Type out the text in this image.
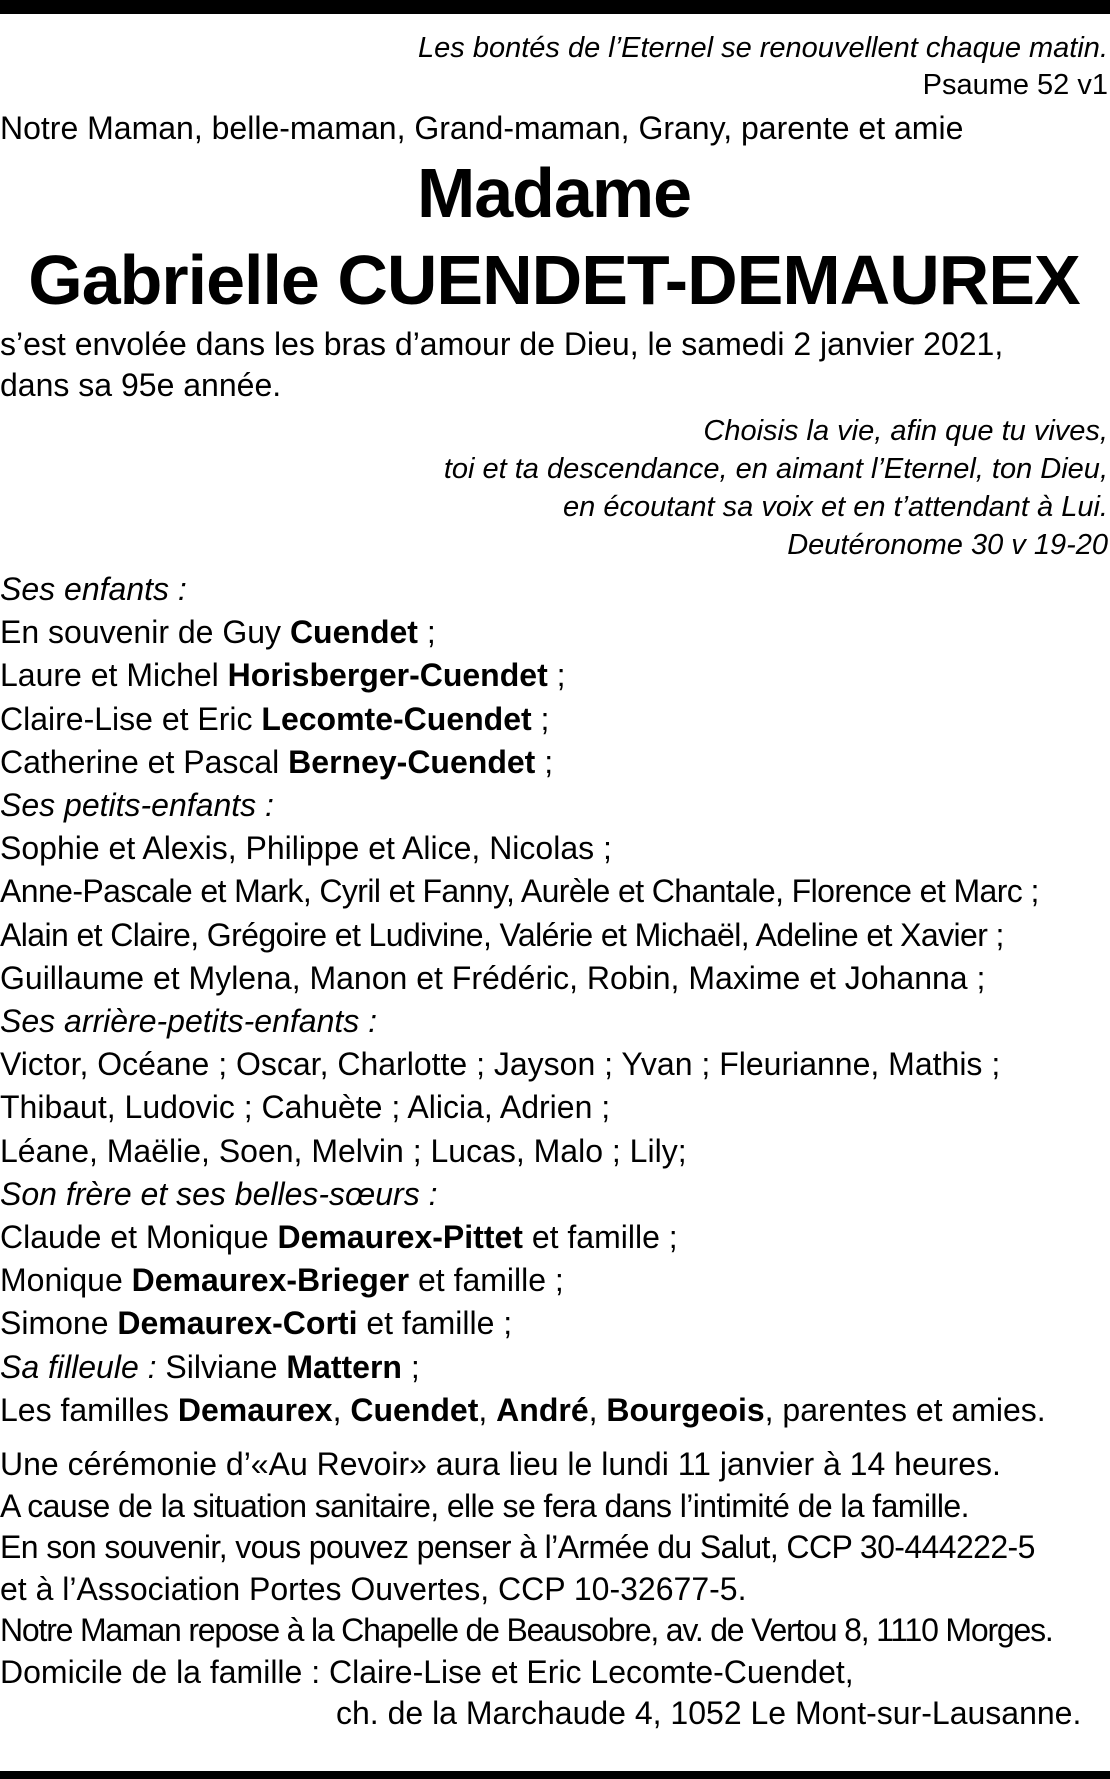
Les bontés de l’Eternel se renouvellent chaque matin.
Psaume 52 v1
Notre Maman, belle-maman, Grand-maman, Grany, parente et amie
Madame
Gabrielle CUENDET-DEMAUREX
s’est envolée dans les bras d’amour de Dieu, le samedi 2 janvier 2021,
dans sa 95e année.
Choisis la vie, afin que tu vives,
toi et ta descendance, en aimant l’Eternel, ton Dieu,
en écoutant sa voix et en t’attendant à Lui.
Deutéronome 30 v 19-20
Ses enfants :
En souvenir de Guy Cuendet ;
Laure et Michel Horisberger-Cuendet ;
Claire-Lise et Eric Lecomte-Cuendet ;
Catherine et Pascal Berney-Cuendet ;
Ses petits-enfants :
Sophie et Alexis, Philippe et Alice, Nicolas ;
Anne-Pascale et Mark, Cyril et Fanny, Aurèle et Chantale, Florence et Marc ;
Alain et Claire, Grégoire et Ludivine, Valérie et Michaël, Adeline et Xavier ;
Guillaume et Mylena, Manon et Frédéric, Robin, Maxime et Johanna ;
Ses arrière-petits-enfants :
Victor, Océane ; Oscar, Charlotte ; Jayson ; Yvan ; Fleurianne, Mathis ;
Thibaut, Ludovic ; Cahuète ; Alicia, Adrien ;
Léane, Maëlie, Soen, Melvin ; Lucas, Malo ; Lily;
Son frère et ses belles-sœurs :
Claude et Monique Demaurex-Pittet et famille ;
Monique Demaurex-Brieger et famille ;
Simone Demaurex-Corti et famille ;
Sa filleule : Silviane Mattern ;
Les familles Demaurex, Cuendet, André, Bourgeois, parentes et amies.
Une cérémonie d’«Au Revoir» aura lieu le lundi 11 janvier à 14 heures.
A cause de la situation sanitaire, elle se fera dans l’intimité de la famille.
En son souvenir, vous pouvez penser à l’Armée du Salut, CCP 30-444222-5
et à l’Association Portes Ouvertes, CCP 10-32677-5.
Notre Maman repose à la Chapelle de Beausobre, av. de Vertou 8, 1110 Morges.
Domicile de la famille : Claire-Lise et Eric Lecomte-Cuendet,
ch. de la Marchaude 4, 1052 Le Mont-sur-Lausanne.
